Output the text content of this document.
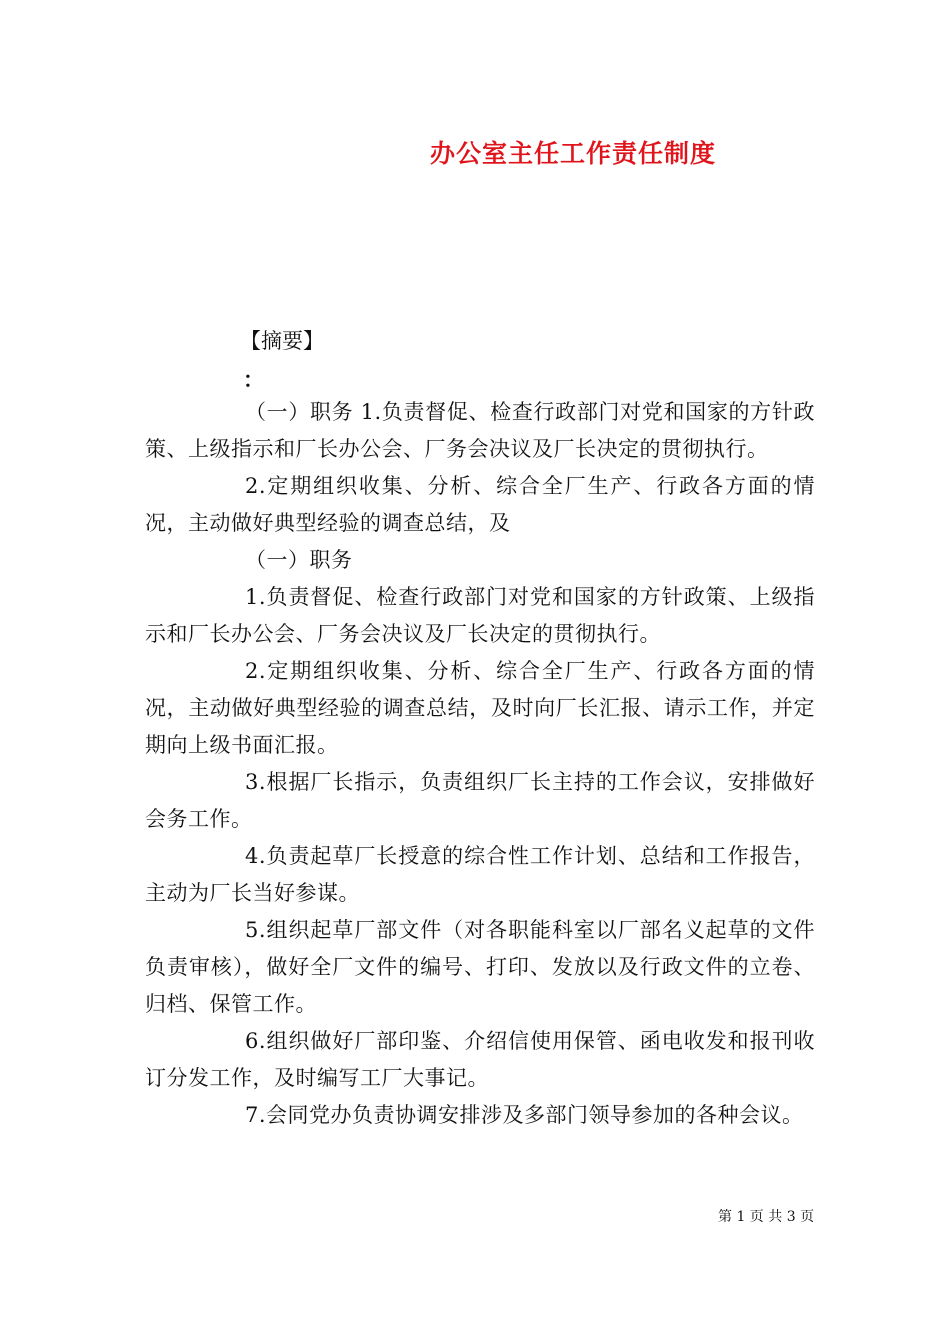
办公室主任工作责任制度
【摘要】
：

（一）职务 1.负责督促、检查行政部门对党和国家的方针政策、上级指示和厂长办公会、厂务会决议及厂长决定的贯彻执行。

2.定期组织收集、分析、综合全厂生产、行政各方面的情况，主动做好典型经验的调查总结，及

（一）职务

1.负责督促、检查行政部门对党和国家的方针政策、上级指示和厂长办公会、厂务会决议及厂长决定的贯彻执行。

2.定期组织收集、分析、综合全厂生产、行政各方面的情况，主动做好典型经验的调查总结，及时向厂长汇报、请示工作，并定期向上级书面汇报。

3.根据厂长指示，负责组织厂长主持的工作会议，安排做好会务工作。

4.负责起草厂长授意的综合性工作计划、总结和工作报告，主动为厂长当好参谋。

5.组织起草厂部文件（对各职能科室以厂部名义起草的文件负责审核），做好全厂文件的编号、打印、发放以及行政文件的立卷、归档、保管工作。

6.组织做好厂部印鉴、介绍信使用保管、函电收发和报刊收订分发工作，及时编写工厂大事记。

7.会同党办负责协调安排涉及多部门领导参加的各种会议。

第 1 页 共 3 页
